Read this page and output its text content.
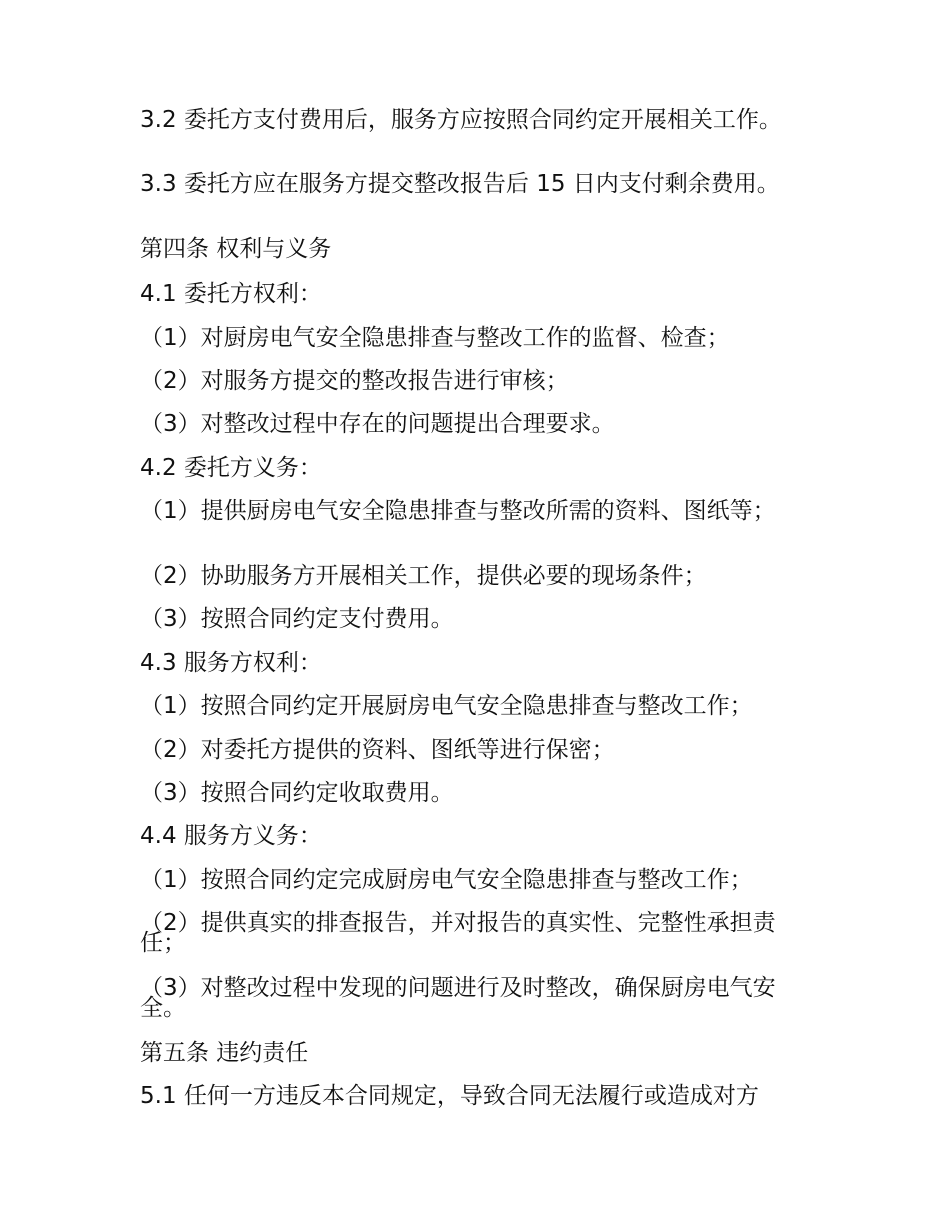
3.2 委托方支付费用后，服务方应按照合同约定开展相关工作。
3.3 委托方应在服务方提交整改报告后 15 日内支付剩余费用。
第四条 权利与义务
4.1 委托方权利：
（1）对厨房电气安全隐患排查与整改工作的监督、检查；
（2）对服务方提交的整改报告进行审核；
（3）对整改过程中存在的问题提出合理要求。
4.2 委托方义务：
（1）提供厨房电气安全隐患排查与整改所需的资料、图纸等；
（2）协助服务方开展相关工作，提供必要的现场条件；
（3）按照合同约定支付费用。
4.3 服务方权利：
（1）按照合同约定开展厨房电气安全隐患排查与整改工作；
（2）对委托方提供的资料、图纸等进行保密；
（3）按照合同约定收取费用。
4.4 服务方义务：
（1）按照合同约定完成厨房电气安全隐患排查与整改工作；
（2）提供真实的排查报告，并对报告的真实性、完整性承担责任；
（3）对整改过程中发现的问题进行及时整改，确保厨房电气安全。
第五条 违约责任
5.1 任何一方违反本合同规定，导致合同无法履行或造成对方
